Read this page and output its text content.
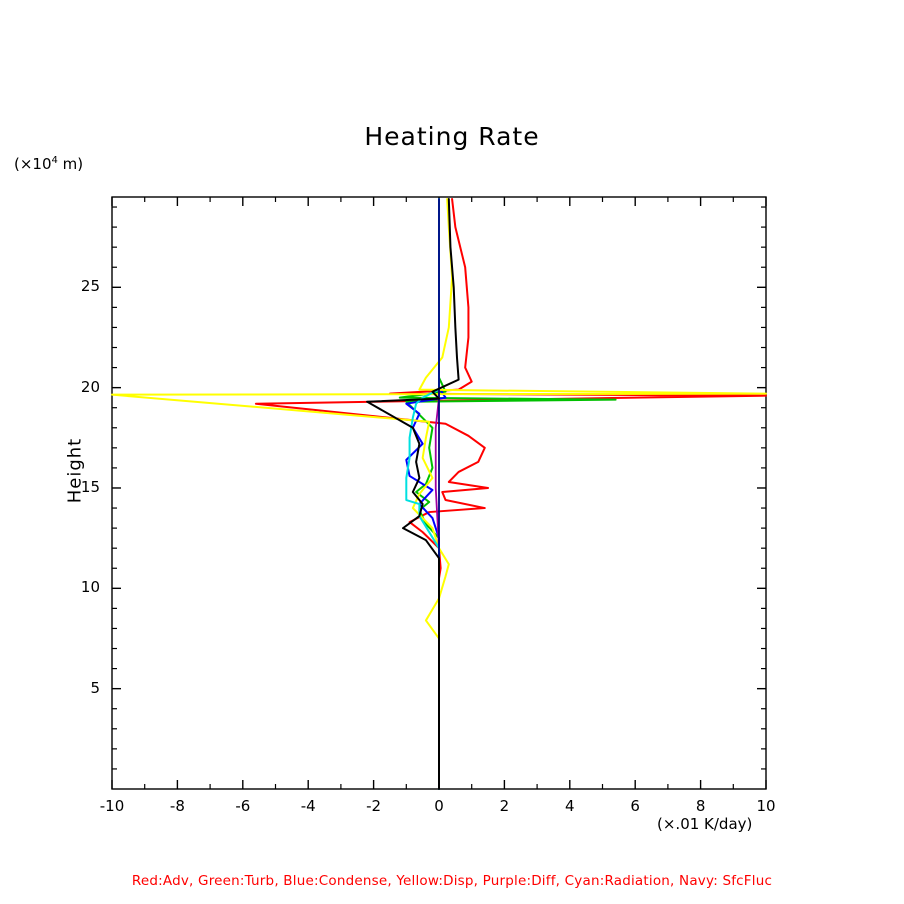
Heating Rate
($\times 10^4$ m)
Height
(×.01 K/day)
Red:Adv, Green:Turb, Blue:Condense, Yellow:Disp, Purple:Diff, Cyan:Radiation, Navy: SfcFluc
-10	-8	-6	-4	-2	0	2	4	6	8	10
5
10
15
20
25
